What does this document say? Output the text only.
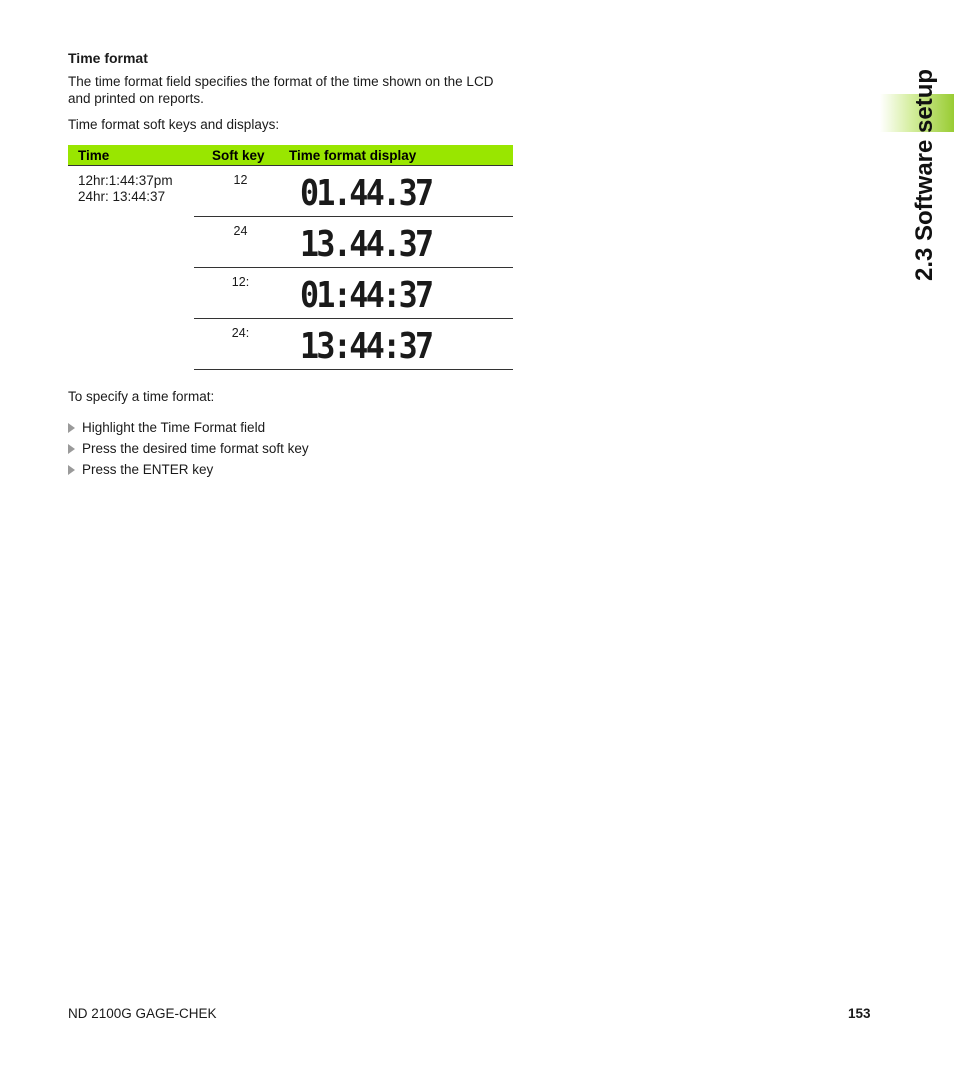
2.3 Software setup

Time format

The time format field specifies the format of the time shown on the LCD and printed on reports.

Time format soft keys and displays:

Time	Soft key	Time format display

12hr:1:44:37pm
24hr: 13:44:37	12	01.44.37
	24	13.44.37
	12:	01:44:37
	24:	13:44:37

To specify a time format:

Highlight the Time Format field
Press the desired time format soft key
Press the ENTER key
ND 2100G GAGE-CHEK	153
